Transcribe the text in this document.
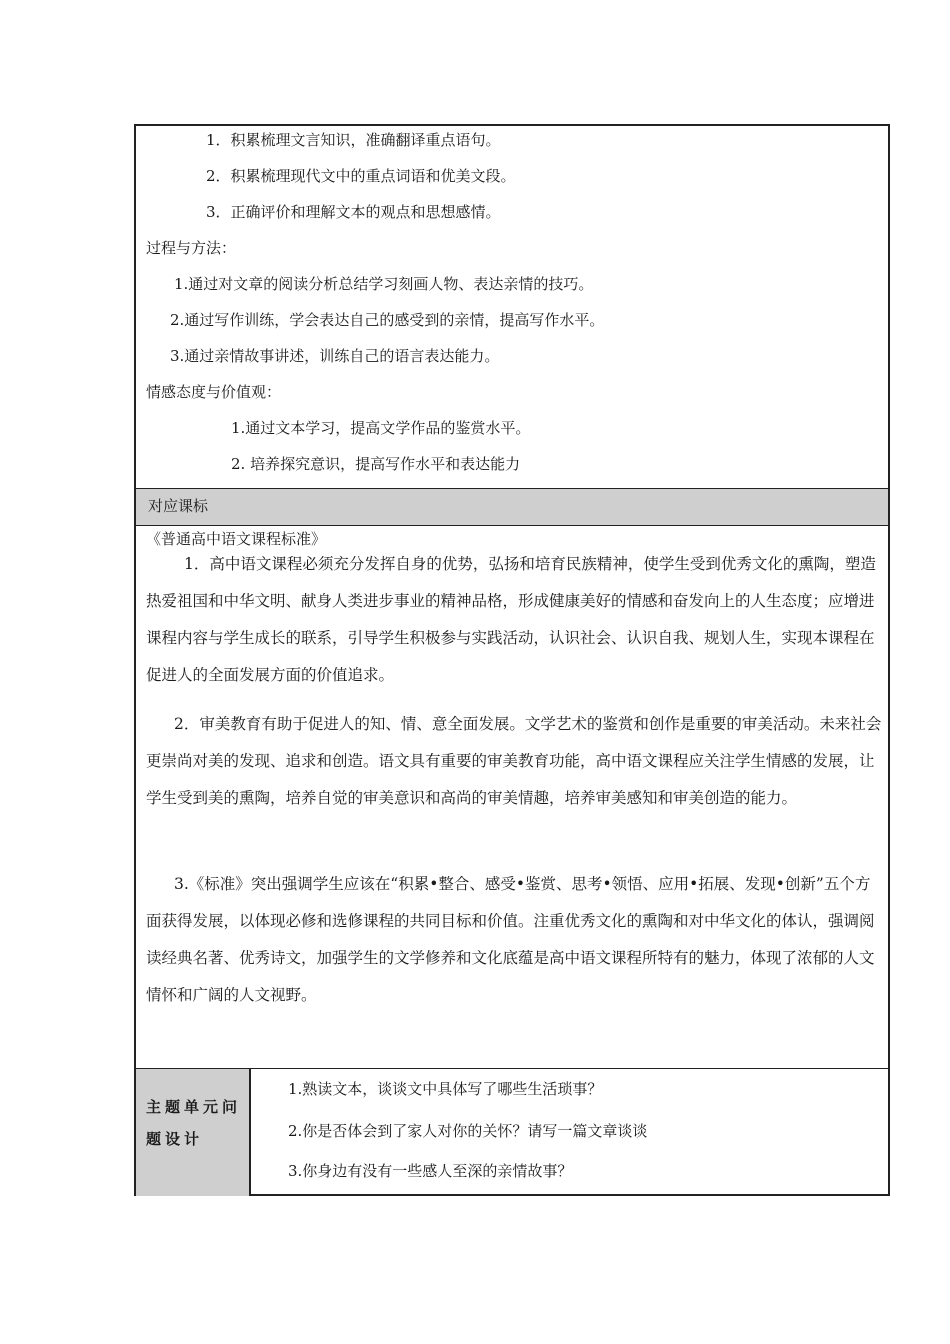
1．积累梳理文言知识，准确翻译重点语句。
2．积累梳理现代文中的重点词语和优美文段。
3．正确评价和理解文本的观点和思想感情。
过程与方法：
1.通过对文章的阅读分析总结学习刻画人物、表达亲情的技巧。
2.通过写作训练，学会表达自己的感受到的亲情，提高写作水平。
3.通过亲情故事讲述，训练自己的语言表达能力。
情感态度与价值观：
1.通过文本学习，提高文学作品的鉴赏水平。
2. 培养探究意识，提高写作水平和表达能力
对应课标
《普通高中语文课程标准》
1．高中语文课程必须充分发挥自身的优势，弘扬和培育民族精神，使学生受到优秀文化的熏陶，塑造热爱祖国和中华文明、献身人类进步事业的精神品格，形成健康美好的情感和奋发向上的人生态度；应增进课程内容与学生成长的联系，引导学生积极参与实践活动，认识社会、认识自我、规划人生，实现本课程在促进人的全面发展方面的价值追求。
2．审美教育有助于促进人的知、情、意全面发展。文学艺术的鉴赏和创作是重要的审美活动。未来社会更崇尚对美的发现、追求和创造。语文具有重要的审美教育功能，高中语文课程应关注学生情感的发展，让学生受到美的熏陶，培养自觉的审美意识和高尚的审美情趣，培养审美感知和审美创造的能力。
3.《标准》突出强调学生应该在“积累•整合、感受•鉴赏、思考•领悟、应用•拓展、发现•创新”五个方面获得发展，以体现必修和选修课程的共同目标和价值。注重优秀文化的熏陶和对中华文化的体认，强调阅读经典名著、优秀诗文，加强学生的文学修养和文化底蕴是高中语文课程所特有的魅力，体现了浓郁的人文情怀和广阔的人文视野。
主题单元问题设计
1.熟读文本，谈谈文中具体写了哪些生活琐事？
2.你是否体会到了家人对你的关怀？请写一篇文章谈谈
3.你身边有没有一些感人至深的亲情故事？
